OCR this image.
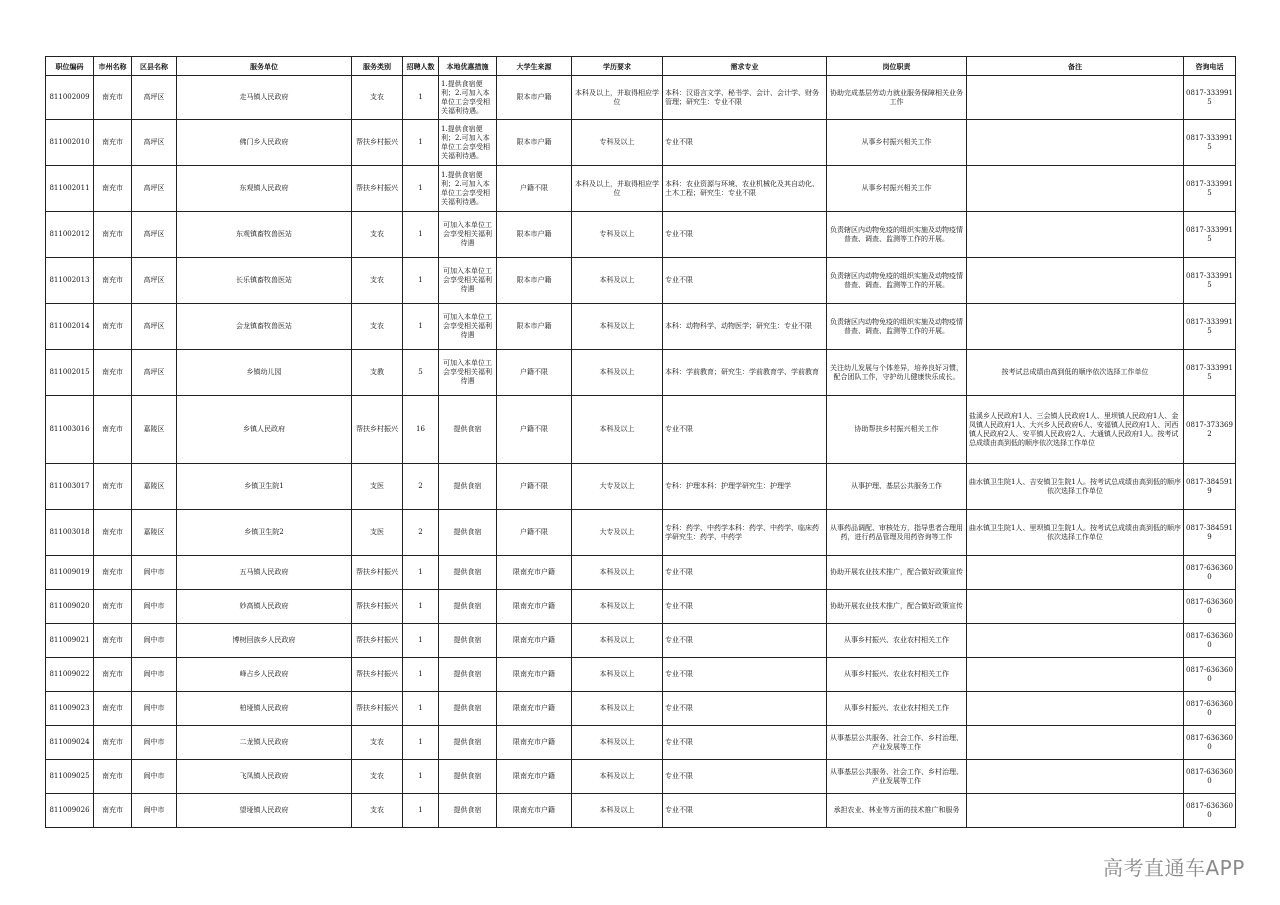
职位编码	市州名称	区县名称	服务单位	服务类别	招聘人数	本地优惠措施	大学生来源	学历要求	需求专业	岗位职责	备注	咨询电话
811002009	南充市	高坪区	走马镇人民政府	支农	1	1.提供食宿便利；2.可加入本单位工会享受相关福利待遇。	限本市户籍	本科及以上，并取得相应学位	本科：汉语言文学、秘书学、会计、会计学、财务管理；研究生：专业不限	协助完成基层劳动力就业服务保障相关业务工作		0817-3339915
811002010	南充市	高坪区	佛门乡人民政府	帮扶乡村振兴	1	1.提供食宿便利；2.可加入本单位工会享受相关福利待遇。	限本市户籍	专科及以上	专业不限	从事乡村振兴相关工作		0817-3339915
811002011	南充市	高坪区	东观镇人民政府	帮扶乡村振兴	1	1.提供食宿便利；2.可加入本单位工会享受相关福利待遇。	户籍不限	本科及以上，并取得相应学位	本科：农业资源与环境、农业机械化及其自动化、土木工程；研究生：专业不限	从事乡村振兴相关工作		0817-3339915
811002012	南充市	高坪区	东观镇畜牧兽医站	支农	1	可加入本单位工会享受相关福利待遇	限本市户籍	专科及以上	专业不限	负责辖区内动物免疫的组织实施及动物疫情普查、调查、监测等工作的开展。		0817-3339915
811002013	南充市	高坪区	长乐镇畜牧兽医站	支农	1	可加入本单位工会享受相关福利待遇	限本市户籍	本科及以上	专业不限	负责辖区内动物免疫的组织实施及动物疫情普查、调查、监测等工作的开展。		0817-3339915
811002014	南充市	高坪区	会龙镇畜牧兽医站	支农	1	可加入本单位工会享受相关福利待遇	限本市户籍	本科及以上	本科：动物科学、动物医学；研究生：专业不限	负责辖区内动物免疫的组织实施及动物疫情普查、调查、监测等工作的开展。		0817-3339915
811002015	南充市	高坪区	乡镇幼儿园	支教	5	可加入本单位工会享受相关福利待遇	户籍不限	本科及以上	本科：学前教育；研究生：学前教育学、学前教育	关注幼儿发展与个体差异，培养良好习惯，配合团队工作，守护幼儿健康快乐成长。	按考试总成绩由高到低的顺序依次选择工作单位	0817-3339915
811003016	南充市	嘉陵区	乡镇人民政府	帮扶乡村振兴	16	提供食宿	户籍不限	本科及以上	专业不限	协助帮扶乡村振兴相关工作	盐溪乡人民政府1人、三会镇人民政府1人、里坝镇人民政府1人、金凤镇人民政府1人、大兴乡人民政府6人、安福镇人民政府1人、河西镇人民政府2人、安平镇人民政府2人、大通镇人民政府1人。按考试总成绩由高到低的顺序依次选择工作单位	0817-3733692
811003017	南充市	嘉陵区	乡镇卫生院1	支医	2	提供食宿	户籍不限	大专及以上	专科：护理本科：护理学研究生：护理学	从事护理、基层公共服务工作	曲水镇卫生院1人、吉安镇卫生院1人。按考试总成绩由高到低的顺序依次选择工作单位	0817-3845919
811003018	南充市	嘉陵区	乡镇卫生院2	支医	2	提供食宿	户籍不限	大专及以上	专科：药学、中药学本科：药学、中药学、临床药学研究生：药学、中药学	从事药品调配、审核处方，指导患者合理用药，进行药品管理及用药咨询等工作	曲水镇卫生院1人、里坝镇卫生院1人。按考试总成绩由高到低的顺序依次选择工作单位	0817-3845919
811009019	南充市	阆中市	五马镇人民政府	帮扶乡村振兴	1	提供食宿	限南充市户籍	本科及以上	专业不限	协助开展农业技术推广，配合做好政策宣传		0817-6363600
811009020	南充市	阆中市	妙高镇人民政府	帮扶乡村振兴	1	提供食宿	限南充市户籍	本科及以上	专业不限	协助开展农业技术推广，配合做好政策宣传		0817-6363600
811009021	南充市	阆中市	博树回族乡人民政府	帮扶乡村振兴	1	提供食宿	限南充市户籍	本科及以上	专业不限	从事乡村振兴、农业农村相关工作		0817-6363600
811009022	南充市	阆中市	峰占乡人民政府	帮扶乡村振兴	1	提供食宿	限南充市户籍	本科及以上	专业不限	从事乡村振兴、农业农村相关工作		0817-6363600
811009023	南充市	阆中市	柏垭镇人民政府	帮扶乡村振兴	1	提供食宿	限南充市户籍	本科及以上	专业不限	从事乡村振兴、农业农村相关工作		0817-6363600
811009024	南充市	阆中市	二龙镇人民政府	支农	1	提供食宿	限南充市户籍	本科及以上	专业不限	从事基层公共服务、社会工作、乡村治理、产业发展等工作		0817-6363600
811009025	南充市	阆中市	飞凤镇人民政府	支农	1	提供食宿	限南充市户籍	本科及以上	专业不限	从事基层公共服务、社会工作、乡村治理、产业发展等工作		0817-6363600
811009026	南充市	阆中市	望垭镇人民政府	支农	1	提供食宿	限南充市户籍	本科及以上	专业不限	承担农业、林业等方面的技术推广和服务		0817-6363600
高考直通车APP
